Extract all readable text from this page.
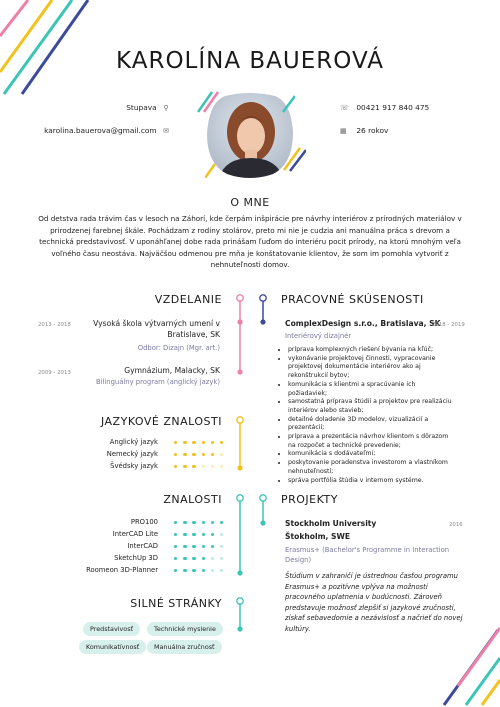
KAROLÍNA BAUEROVÁ
Stupava ⚲
karolina.bauerova@gmail.com ✉
☏ 00421 917 840 475
▦ 26 rokov
O MNE
Od detstva rada trávim čas v lesoch na Záhorí, kde čerpám inšpirácie pre návrhy interiérov z prírodných materiálov v prirodzenej farebnej škále. Pochádzam z rodiny stolárov, preto mi nie je cudzia ani manuálna práca s drevom a technická predstavivosť. V uponáhľanej dobe rada prinášam ľuďom do interiéru pocit prírody, na ktorú mnohým veľa voľného času neostáva. Najväčšou odmenou pre mňa je konštatovanie klientov, že som im pomohla vytvoriť z nehnuteľnosti domov.
VZDELANIE
2013 - 2018	Vysoká škola výtvarných umení v
Bratislave, SK
Odbor: Dizajn (Mgr. art.)
2009 - 2013	Gymnázium, Malacky, SK
Bilinguálny program (anglický jazyk)
PRACOVNÉ SKÚSENOSTI
ComplexDesign s.r.o., Bratislava, SK
2018 - 2019
Interiérový dizajnér
• príprava komplexných riešení bývania na kľúč;
• vykonávanie projektovej činnosti, vypracovanie projektovej dokumentácie interiérov ako aj rekonštrukcií bytov;
• komunikácia s klientmi a spracúvanie ich požiadaviek;
• samostatná príprava štúdií a projektov pre realizáciu interiérov alebo stavieb;
• detailné doladenie 3D modelov, vizualizácií a prezentácií;
• príprava a prezentácia návrhov klientom s dôrazom na rozpočet a technické prevedenie;
• komunikácia s dodávateľmi;
• poskytovanie poradenstva investorom a vlastníkom nehnuteľností;
• správa portfólia štúdia v internom systéme.
JAZYKOVÉ ZNALOSTI
Anglický jazyk
Nemecký jazyk
Švédsky jazyk
ZNALOSTI
PRO100
InterCAD Lite
InterCAD
SketchUp 3D
Roomeon 3D-Planner
PROJEKTY
Stockholm University	2016
Štokholm, SWE
Erasmus+ (Bachelor's Programme in Interaction Design)
Štúdium v zahraničí je ústrednou časťou programu Erasmus+ a pozitívne vplýva na možnosti pracovného uplatnenia v budúcnosti. Zároveň predstavuje možnosť zlepšiť si jazykové zručnosti, získať sebavedomie a nezávislosť a načrieť do novej kultúry.
SILNÉ STRÁNKY
Predstavivosť	Technické myslenie
Komunikatívnosť	Manuálna zručnosť
